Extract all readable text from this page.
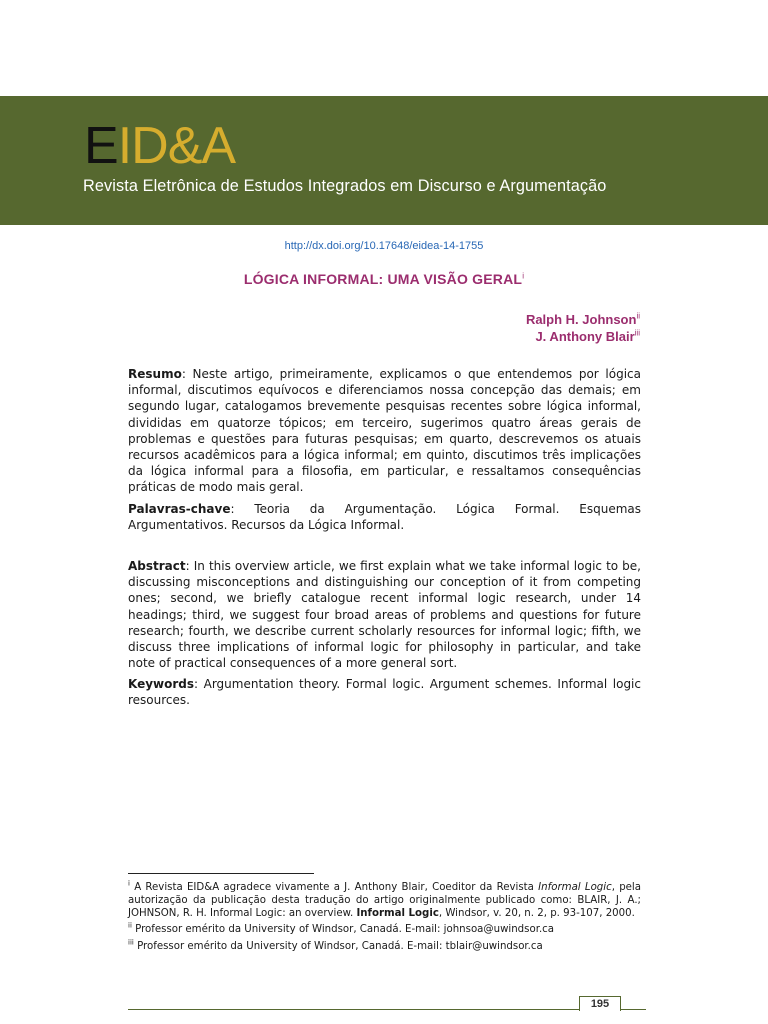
EID&A
Revista Eletrônica de Estudos Integrados em Discurso e Argumentação
http://dx.doi.org/10.17648/eidea-14-1755
LÓGICA INFORMAL: UMA VISÃO GERAL$^i$
Ralph H. Johnson$^{ii}$
J. Anthony Blair$^{iii}$
Resumo: Neste artigo, primeiramente, explicamos o que entendemos por lógica informal, discutimos equívocos e diferenciamos nossa concepção das demais; em segundo lugar, catalogamos brevemente pesquisas recentes sobre lógica informal, divididas em quatorze tópicos; em terceiro, sugerimos quatro áreas gerais de problemas e questões para futuras pesquisas; em quarto, descrevemos os atuais recursos acadêmicos para a lógica informal; em quinto, discutimos três implicações da lógica informal para a filosofia, em particular, e ressaltamos consequências práticas de modo mais geral.
Palavras-chave: Teoria da Argumentação. Lógica Formal. Esquemas Argumentativos. Recursos da Lógica Informal.
Abstract: In this overview article, we first explain what we take informal logic to be, discussing misconceptions and distinguishing our conception of it from competing ones; second, we briefly catalogue recent informal logic research, under 14 headings; third, we suggest four broad areas of problems and questions for future research; fourth, we describe current scholarly resources for informal logic; fifth, we discuss three implications of informal logic for philosophy in particular, and take note of practical consequences of a more general sort.
Keywords: Argumentation theory. Formal logic. Argument schemes. Informal logic resources.
$^i$ A Revista EID&A agradece vivamente a J. Anthony Blair, Coeditor da Revista Informal Logic, pela autorização da publicação desta tradução do artigo originalmente publicado como: BLAIR, J. A.; JOHNSON, R. H. Informal Logic: an overview. Informal Logic, Windsor, v. 20, n. 2, p. 93-107, 2000.
$^{ii}$ Professor emérito da University of Windsor, Canadá. E-mail: johnsoa@uwindsor.ca
$^{iii}$ Professor emérito da University of Windsor, Canadá. E-mail: tblair@uwindsor.ca
195
